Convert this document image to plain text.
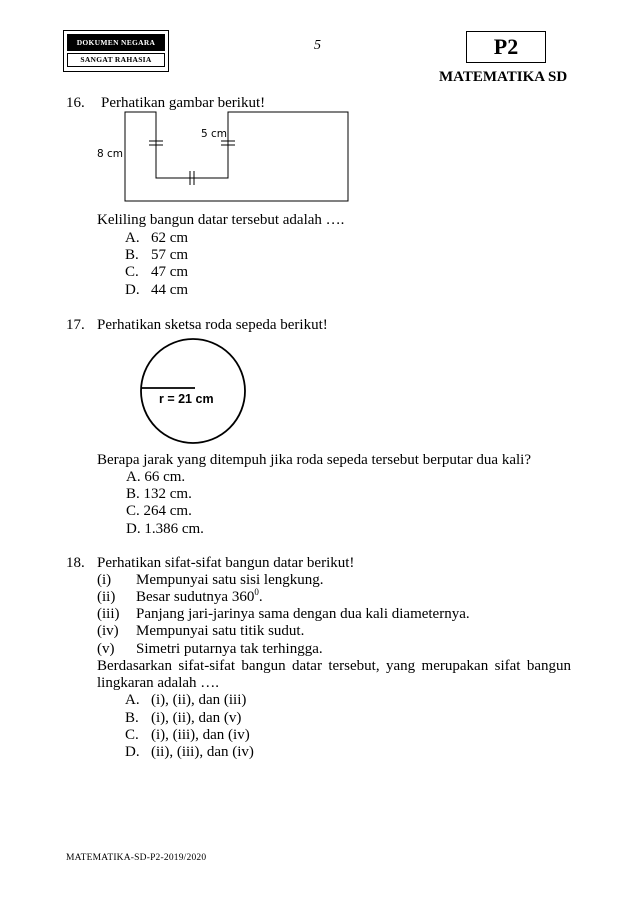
DOKUMEN NEGARA
SANGAT RAHASIA
5	P2
MATEMATIKA SD
16. Perhatikan gambar berikut!
8 cm
5 cm
Keliling bangun datar tersebut adalah ….
A. 62 cm
B. 57 cm
C. 47 cm
D. 44 cm
17. Perhatikan sketsa roda sepeda berikut!
r = 21 cm
Berapa jarak yang ditempuh jika roda sepeda tersebut berputar dua kali?
A. 66 cm.
B. 132 cm.
C. 264 cm.
D. 1.386 cm.
18. Perhatikan sifat-sifat bangun datar berikut!
(i) Mempunyai satu sisi lengkung.
(ii) Besar sudutnya $360^0$.
(iii) Panjang jari-jarinya sama dengan dua kali diameternya.
(iv) Mempunyai satu titik sudut.
(v) Simetri putarnya tak terhingga.
Berdasarkan sifat-sifat bangun datar tersebut, yang merupakan sifat bangun
lingkaran adalah ….
A. (i), (ii), dan (iii)
B. (i), (ii), dan (v)
C. (i), (iii), dan (iv)
D. (ii), (iii), dan (iv)
MATEMATIKA-SD-P2-2019/2020
